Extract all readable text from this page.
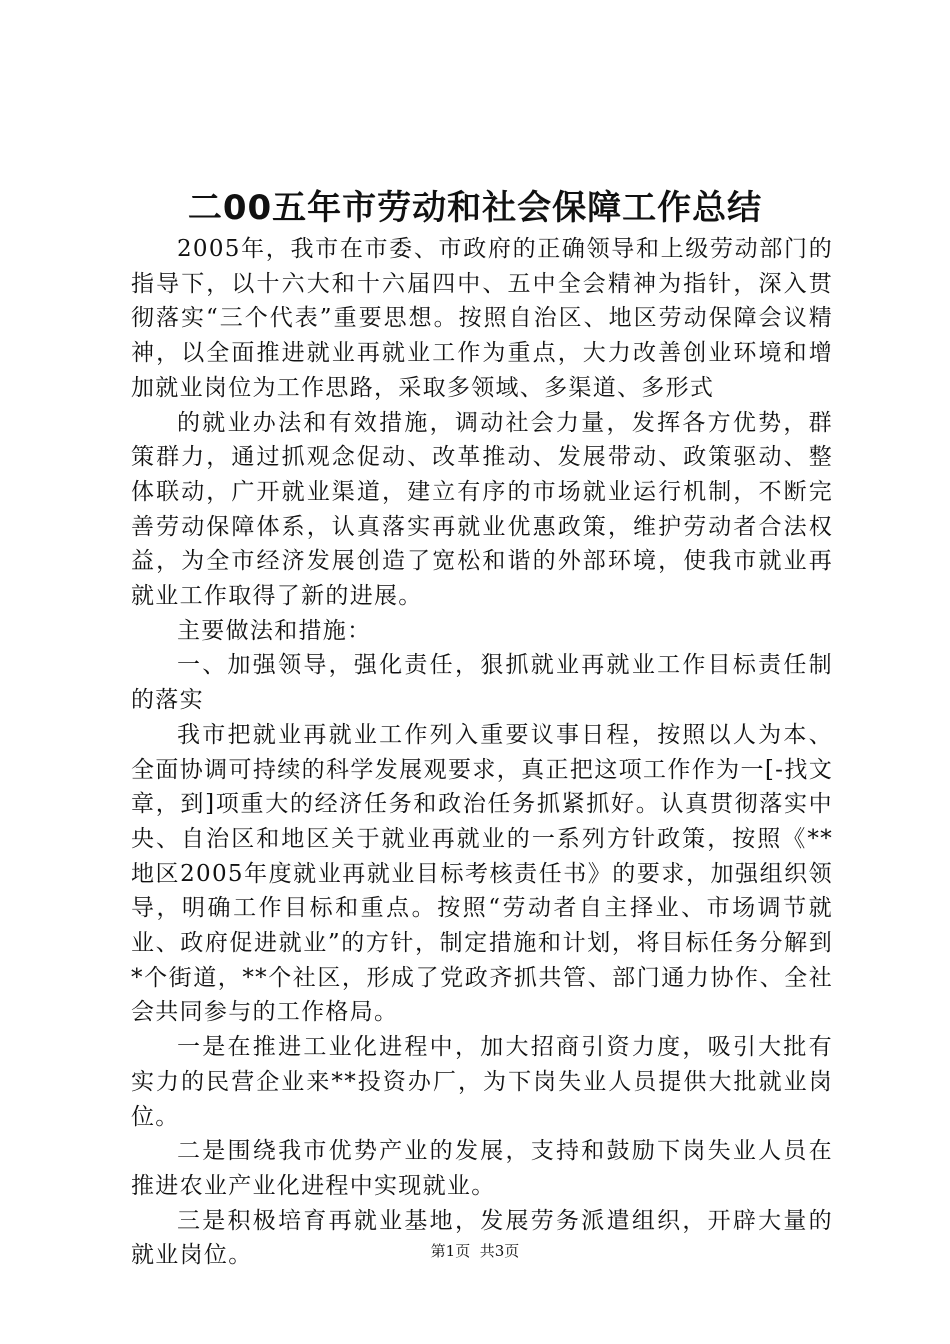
二00五年市劳动和社会保障工作总结

2005年，我市在市委、市政府的正确领导和上级劳动部门的指导下，以十六大和十六届四中、五中全会精神为指针，深入贯彻落实“三个代表”重要思想。按照自治区、地区劳动保障会议精神，以全面推进就业再就业工作为重点，大力改善创业环境和增加就业岗位为工作思路，采取多领域、多渠道、多形式

的就业办法和有效措施，调动社会力量，发挥各方优势，群策群力，通过抓观念促动、改革推动、发展带动、政策驱动、整体联动，广开就业渠道，建立有序的市场就业运行机制，不断完善劳动保障体系，认真落实再就业优惠政策，维护劳动者合法权益，为全市经济发展创造了宽松和谐的外部环境，使我市就业再就业工作取得了新的进展。

主要做法和措施：

一、加强领导，强化责任，狠抓就业再就业工作目标责任制的落实

我市把就业再就业工作列入重要议事日程，按照以人为本、全面协调可持续的科学发展观要求，真正把这项工作作为一[-找文章，到]项重大的经济任务和政治任务抓紧抓好。认真贯彻落实中央、自治区和地区关于就业再就业的一系列方针政策，按照《**地区2005年度就业再就业目标考核责任书》的要求，加强组织领导，明确工作目标和重点。按照“劳动者自主择业、市场调节就业、政府促进就业”的方针，制定措施和计划，将目标任务分解到*个街道，**个社区，形成了党政齐抓共管、部门通力协作、全社会共同参与的工作格局。

一是在推进工业化进程中，加大招商引资力度，吸引大批有实力的民营企业来**投资办厂，为下岗失业人员提供大批就业岗位。

二是围绕我市优势产业的发展，支持和鼓励下岗失业人员在推进农业产业化进程中实现就业。

三是积极培育再就业基地，发展劳务派遣组织，开辟大量的就业岗位。	第1页 共3页
